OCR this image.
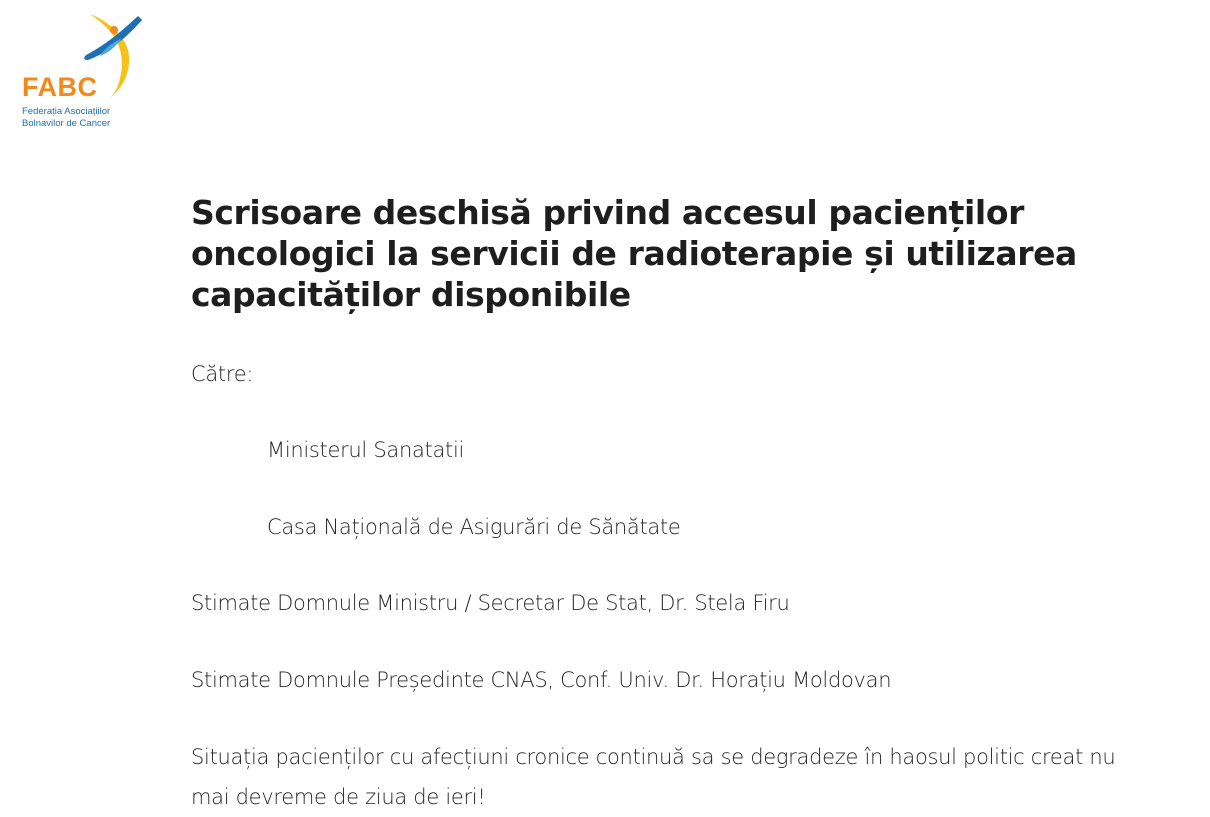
FABC
Federația Asociațiilor
Bolnavilor de Cancer
Scrisoare deschisă privind accesul pacienților oncologici la servicii de radioterapie și utilizarea capacităților disponibile

Către:

Ministerul Sanatatii

Casa Națională de Asigurări de Sănătate

Stimate Domnule Ministru / Secretar De Stat, Dr. Stela Firu

Stimate Domnule Președinte CNAS, Conf. Univ. Dr. Horațiu Moldovan

Situația pacienților cu afecțiuni cronice continuă sa se degradeze în haosul politic creat nu mai devreme de ziua de ieri!
